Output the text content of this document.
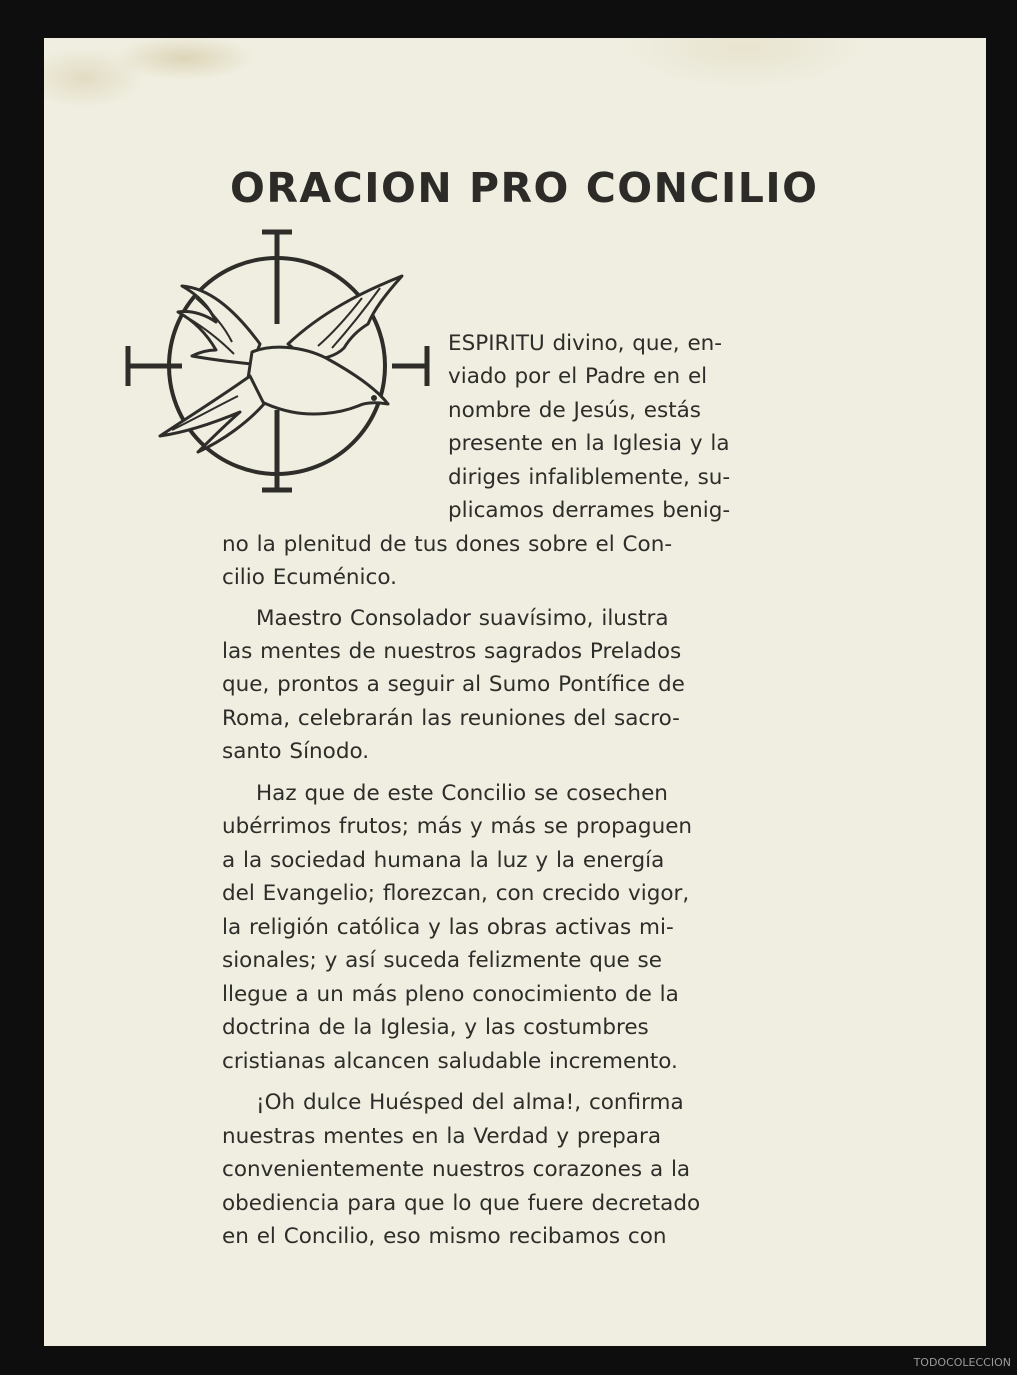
ORACION PRO CONCILIO

ESPIRITU divino, que, en-

viado por el Padre en el

nombre de Jesús, estás

presente en la Iglesia y la

diriges infaliblemente, su-

plicamos derrames benig-

no la plenitud de tus dones sobre el Con-

cilio Ecuménico.

Maestro Consolador suavísimo, ilustra

las mentes de nuestros sagrados Prelados

que, prontos a seguir al Sumo Pontífice de

Roma, celebrarán las reuniones del sacro-

santo Sínodo.

Haz que de este Concilio se cosechen

ubérrimos frutos; más y más se propaguen

a la sociedad humana la luz y la energía

del Evangelio; florezcan, con crecido vigor,

la religión católica y las obras activas mi-

sionales; y así suceda felizmente que se

llegue a un más pleno conocimiento de la

doctrina de la Iglesia, y las costumbres

cristianas alcancen saludable incremento.

¡Oh dulce Huésped del alma!, confirma

nuestras mentes en la Verdad y prepara

convenientemente nuestros corazones a la

obediencia para que lo que fuere decretado

en el Concilio, eso mismo recibamos con

TODOCOLECCION
